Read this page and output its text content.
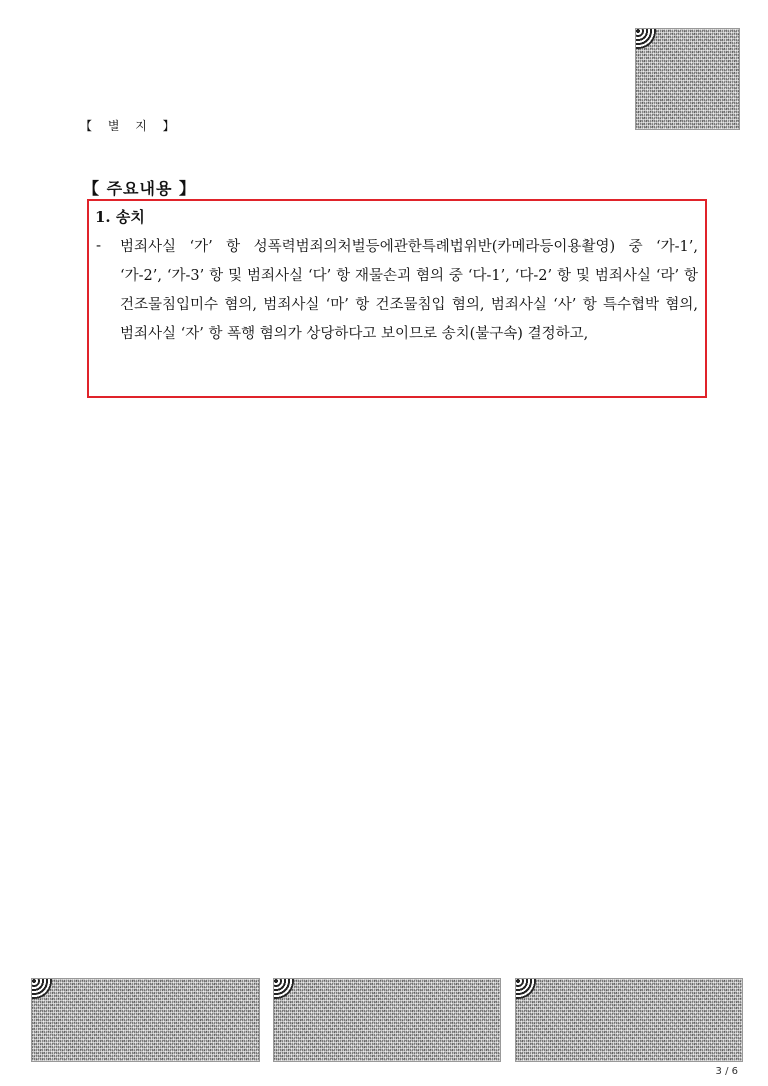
【 별 지 】
【 주요내용 】
1. 송치
- 범죄사실 ‘가’ 항 성폭력범죄의처벌등에관한특례법위반(카메라등이용촬영) 중 ‘가-1’, ‘가-2’, ‘가-3’ 항 및 범죄사실 ‘다’ 항 재물손괴 혐의 중 ‘다-1’, ‘다-2’ 항 및 범죄사실 ‘라’ 항 건조물침입미수 혐의, 범죄사실 ‘마’ 항 건조물침입 혐의, 범죄사실 ‘사’ 항 특수협박 혐의, 범죄사실 ‘자’ 항 폭행 혐의가 상당하다고 보이므로 송치(불구속) 결정하고,
3 / 6
